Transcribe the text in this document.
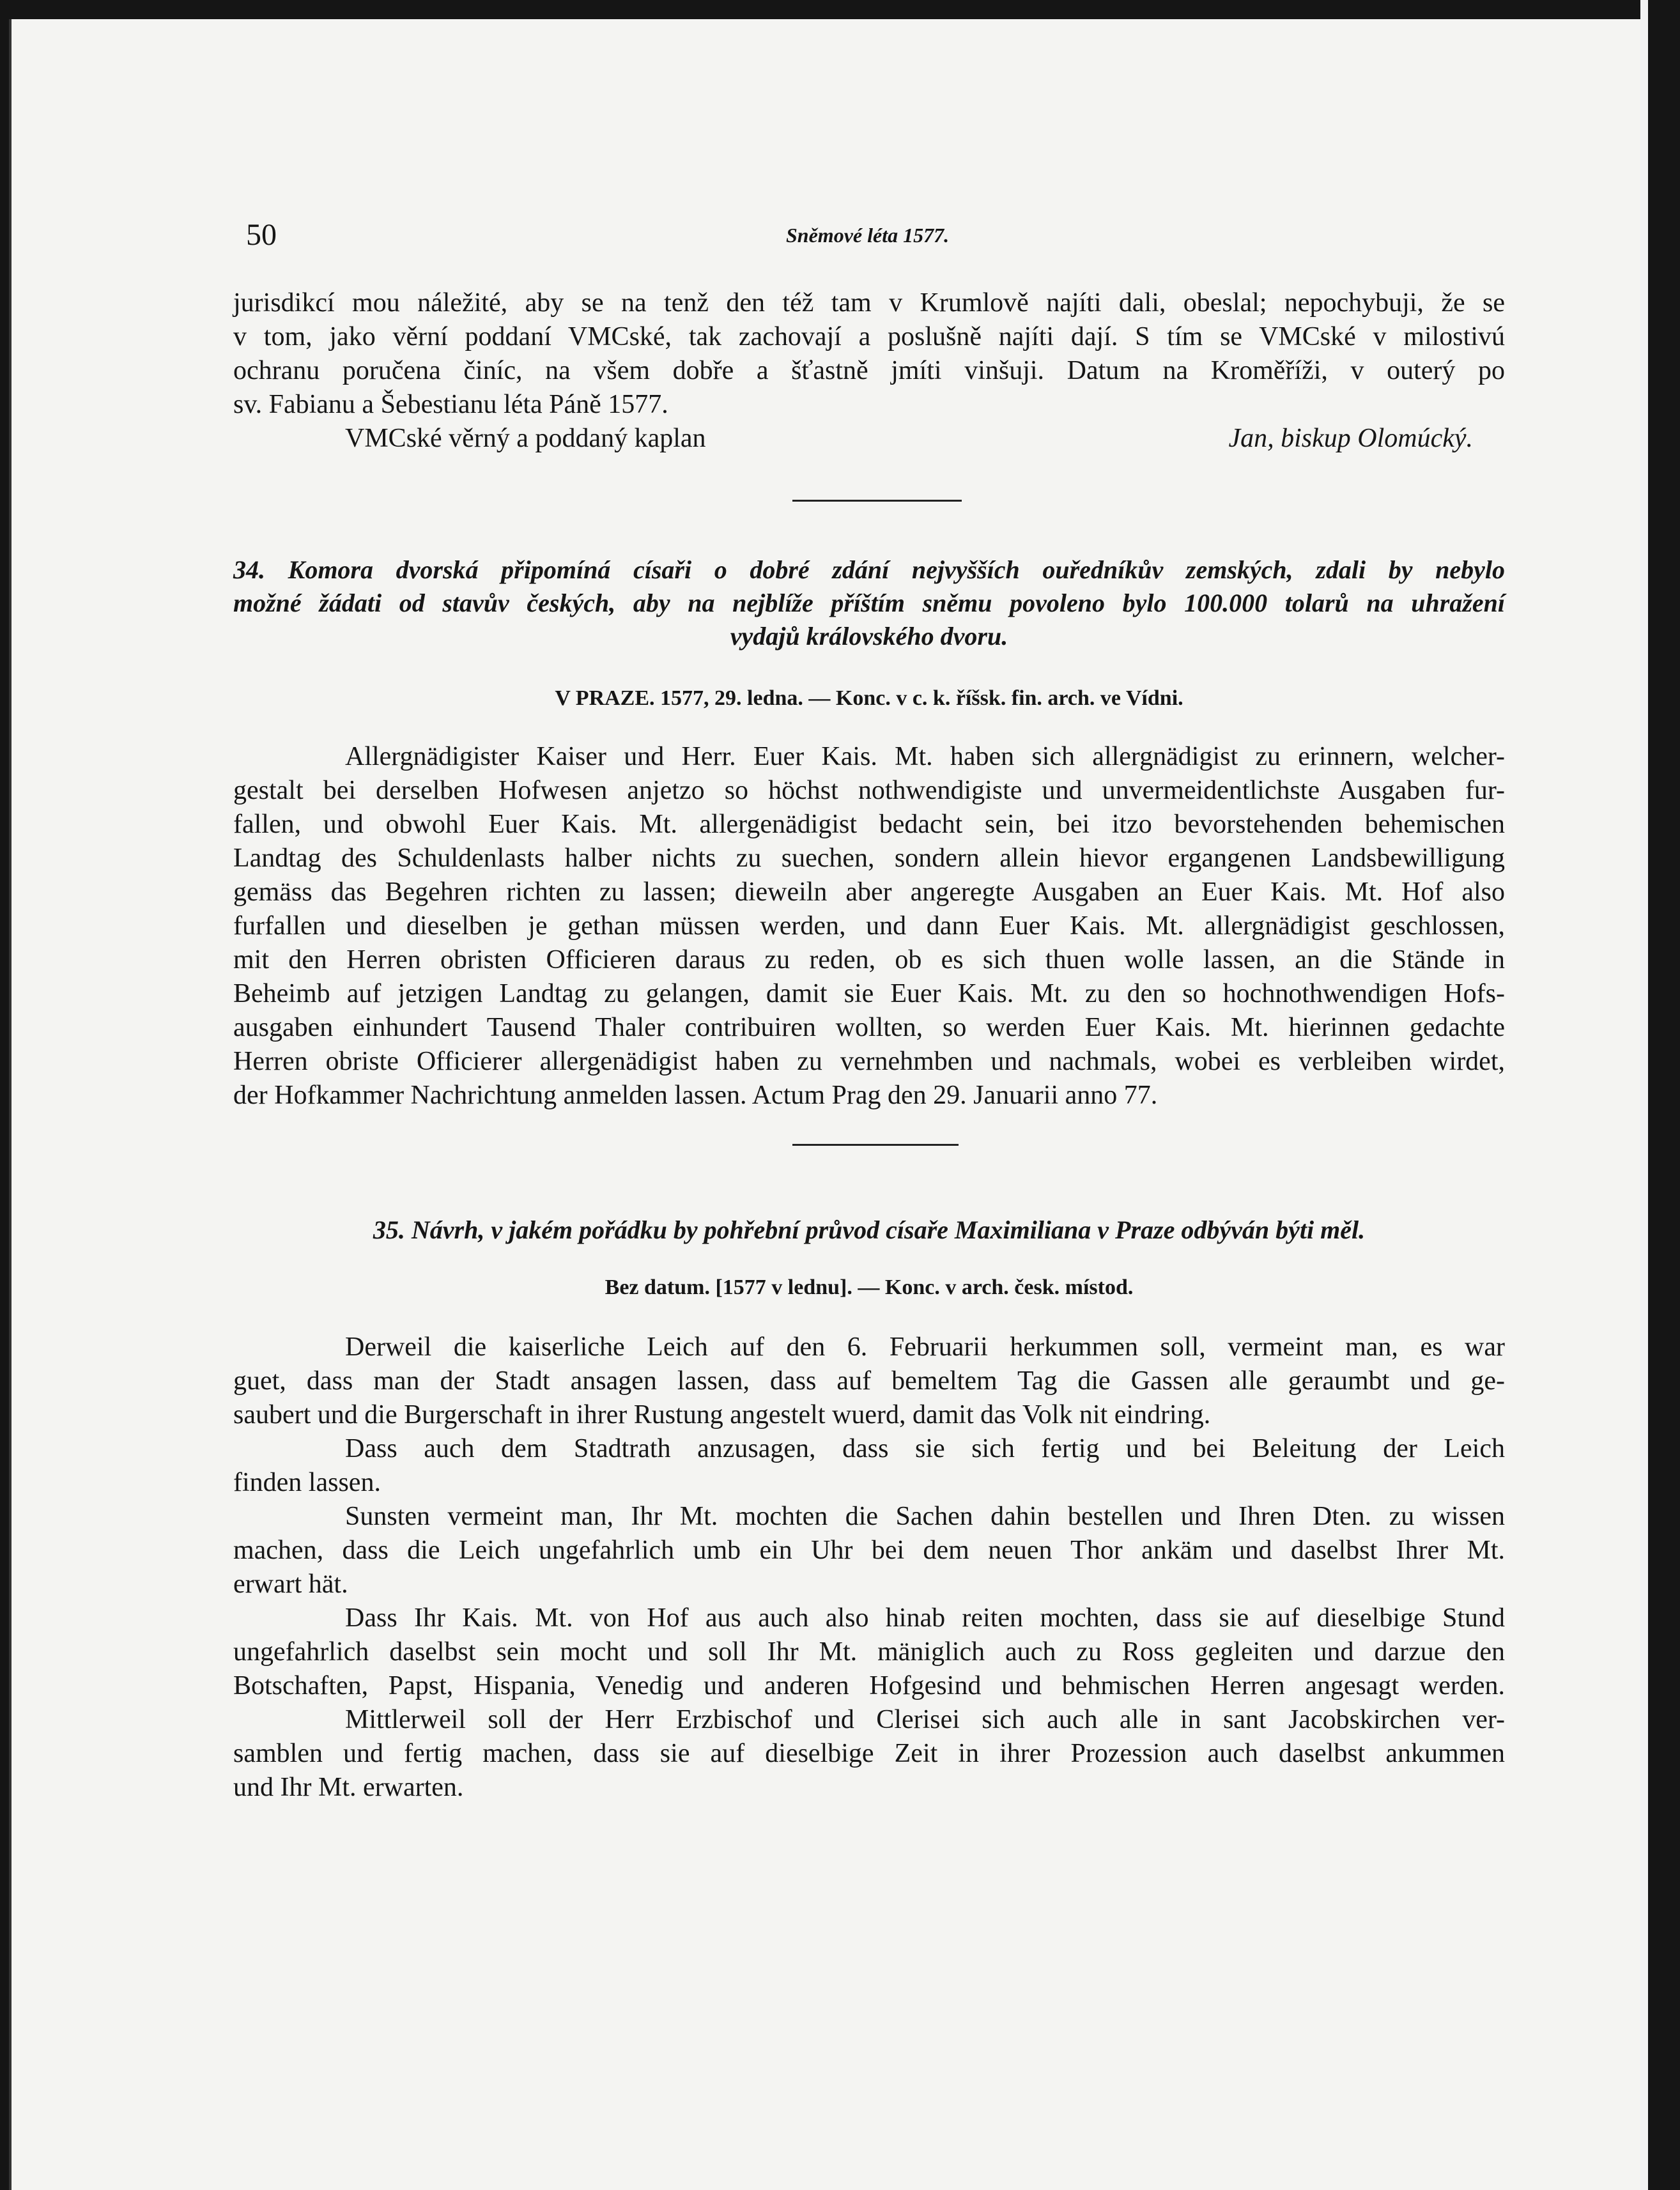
50	Sněmové léta 1577.
jurisdikcí mou náležité, aby se na tenž den též tam v Krumlově najíti dali, obeslal; nepochybuji, že se
v tom, jako věrní poddaní VMCské, tak zachovají a poslušně najíti dají. S tím se VMCské v milostivú
ochranu poručena činíc, na všem dobře a šťastně jmíti vinšuji. Datum na Kroměříži, v outerý po
sv. Fabianu a Šebestianu léta Páně 1577.
VMCské věrný a poddaný kaplan	Jan, biskup Olomúcký.
34. Komora dvorská připomíná císaři o dobré zdání nejvyšších ouředníkův zemských, zdali by nebylo
možné žádati od stavův českých, aby na nejblíže příštím sněmu povoleno bylo 100.000 tolarů na uhražení
vydajů královského dvoru.
V PRAZE. 1577, 29. ledna. — Konc. v c. k. říšsk. fin. arch. ve Vídni.
Allergnädigister Kaiser und Herr. Euer Kais. Mt. haben sich allergnädigist zu erinnern, welcher-
gestalt bei derselben Hofwesen anjetzo so höchst nothwendigiste und unvermeidentlichste Ausgaben fur-
fallen, und obwohl Euer Kais. Mt. allergenädigist bedacht sein, bei itzo bevorstehenden behemischen
Landtag des Schuldenlasts halber nichts zu suechen, sondern allein hievor ergangenen Landsbewilligung
gemäss das Begehren richten zu lassen; dieweiln aber angeregte Ausgaben an Euer Kais. Mt. Hof also
furfallen und dieselben je gethan müssen werden, und dann Euer Kais. Mt. allergnädigist geschlossen,
mit den Herren obristen Officieren daraus zu reden, ob es sich thuen wolle lassen, an die Stände in
Beheimb auf jetzigen Landtag zu gelangen, damit sie Euer Kais. Mt. zu den so hochnothwendigen Hofs-
ausgaben einhundert Tausend Thaler contribuiren wollten, so werden Euer Kais. Mt. hierinnen gedachte
Herren obriste Officierer allergenädigist haben zu vernehmben und nachmals, wobei es verbleiben wirdet,
der Hofkammer Nachrichtung anmelden lassen. Actum Prag den 29. Januarii anno 77.
35. Návrh, v jakém pořádku by pohřební průvod císaře Maximiliana v Praze odbýván býti měl.
Bez datum. [1577 v lednu]. — Konc. v arch. česk. místod.
Derweil die kaiserliche Leich auf den 6. Februarii herkummen soll, vermeint man, es war
guet, dass man der Stadt ansagen lassen, dass auf bemeltem Tag die Gassen alle geraumbt und ge-
saubert und die Burgerschaft in ihrer Rustung angestelt wuerd, damit das Volk nit eindring.
Dass auch dem Stadtrath anzusagen, dass sie sich fertig und bei Beleitung der Leich
finden lassen.
Sunsten vermeint man, Ihr Mt. mochten die Sachen dahin bestellen und Ihren Dten. zu wissen
machen, dass die Leich ungefahrlich umb ein Uhr bei dem neuen Thor ankäm und daselbst Ihrer Mt.
erwart hät.
Dass Ihr Kais. Mt. von Hof aus auch also hinab reiten mochten, dass sie auf dieselbige Stund
ungefahrlich daselbst sein mocht und soll Ihr Mt. mäniglich auch zu Ross gegleiten und darzue den
Botschaften, Papst, Hispania, Venedig und anderen Hofgesind und behmischen Herren angesagt werden.
Mittlerweil soll der Herr Erzbischof und Clerisei sich auch alle in sant Jacobskirchen ver-
samblen und fertig machen, dass sie auf dieselbige Zeit in ihrer Prozession auch daselbst ankummen
und Ihr Mt. erwarten.
